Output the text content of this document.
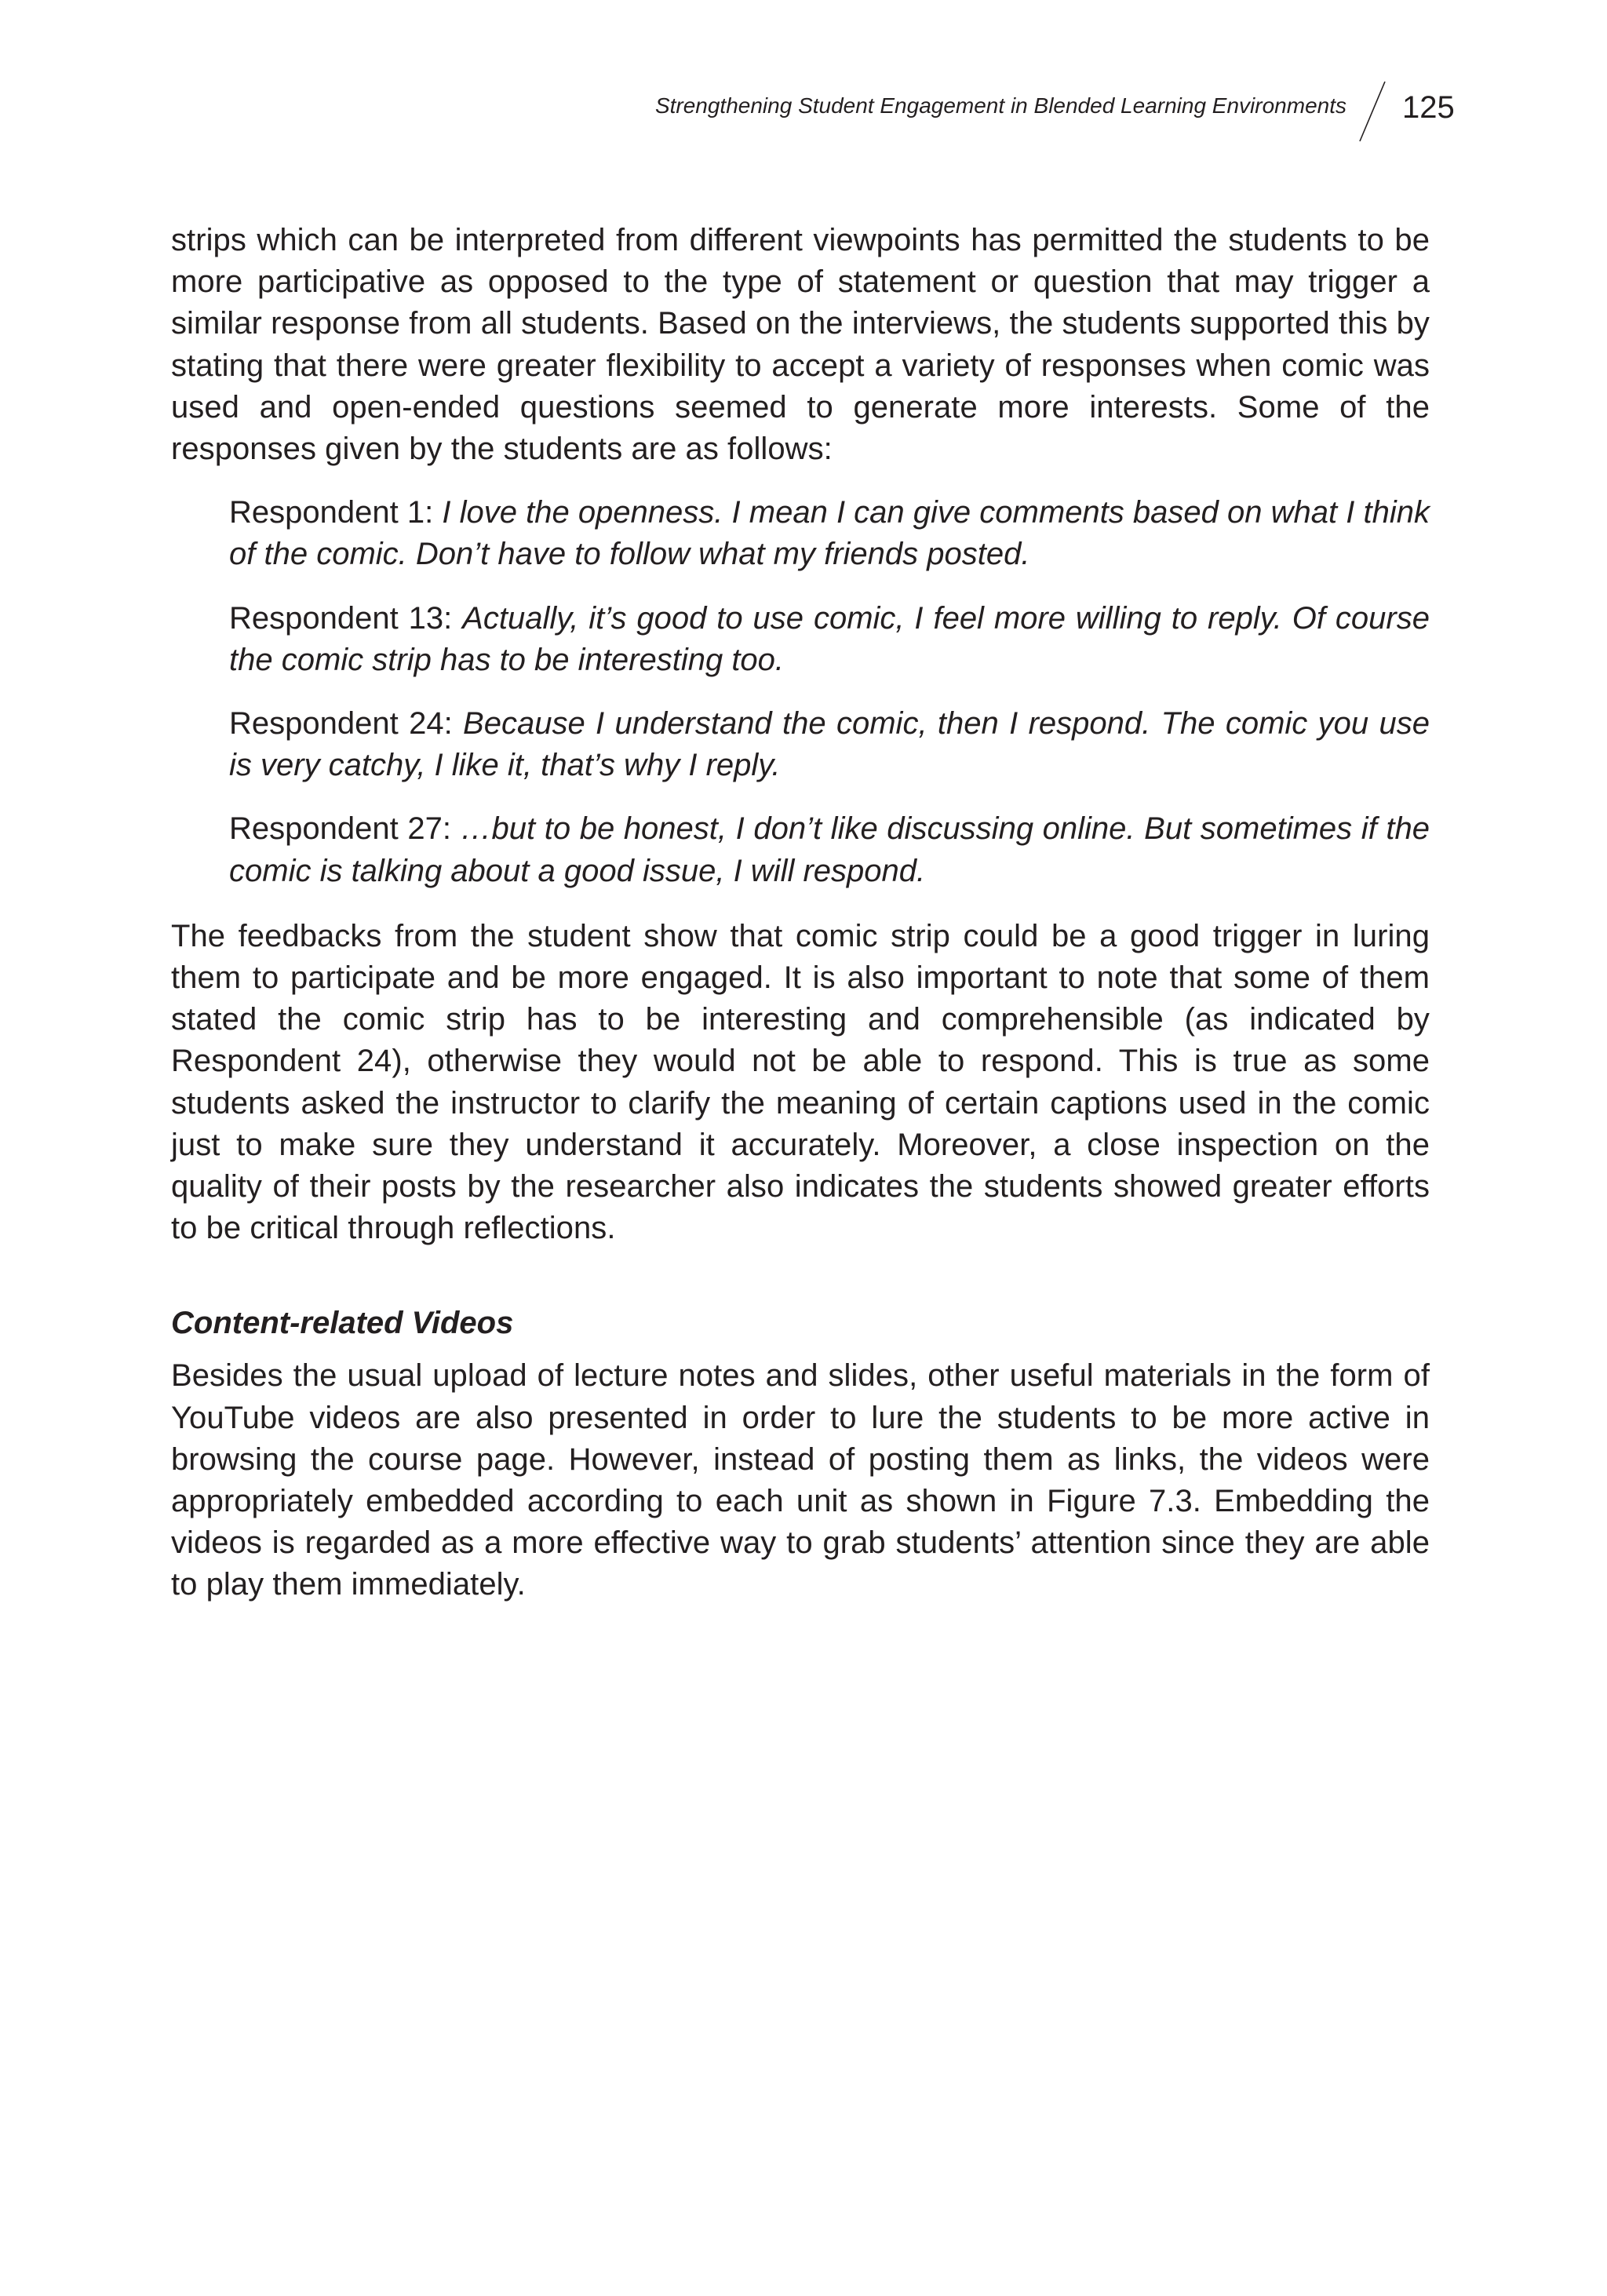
Strengthening Student Engagement in Blended Learning Environments 125

strips which can be interpreted from different viewpoints has permitted the students to be more participative as opposed to the type of statement or question that may trigger a similar response from all students. Based on the interviews, the students supported this by stating that there were greater flexibility to accept a variety of responses when comic was used and open-ended questions seemed to generate more interests. Some of the responses given by the students are as follows:

Respondent 1: I love the openness. I mean I can give comments based on what I think of the comic. Don’t have to follow what my friends posted.

Respondent 13: Actually, it’s good to use comic, I feel more willing to reply. Of course the comic strip has to be interesting too.

Respondent 24: Because I understand the comic, then I respond. The comic you use is very catchy, I like it, that’s why I reply.

Respondent 27: …but to be honest, I don’t like discussing online. But sometimes if the comic is talking about a good issue, I will respond.

The feedbacks from the student show that comic strip could be a good trigger in luring them to participate and be more engaged. It is also important to note that some of them stated the comic strip has to be interesting and comprehensible (as indicated by Respondent 24), otherwise they would not be able to respond. This is true as some students asked the instructor to clarify the meaning of certain captions used in the comic just to make sure they understand it accurately. Moreover, a close inspection on the quality of their posts by the researcher also indicates the students showed greater efforts to be critical through reflections.

Content-related Videos

Besides the usual upload of lecture notes and slides, other useful materials in the form of YouTube videos are also presented in order to lure the students to be more active in browsing the course page. However, instead of posting them as links, the videos were appropriately embedded according to each unit as shown in Figure 7.3. Embedding the videos is regarded as a more effective way to grab students’ attention since they are able to play them immediately.
